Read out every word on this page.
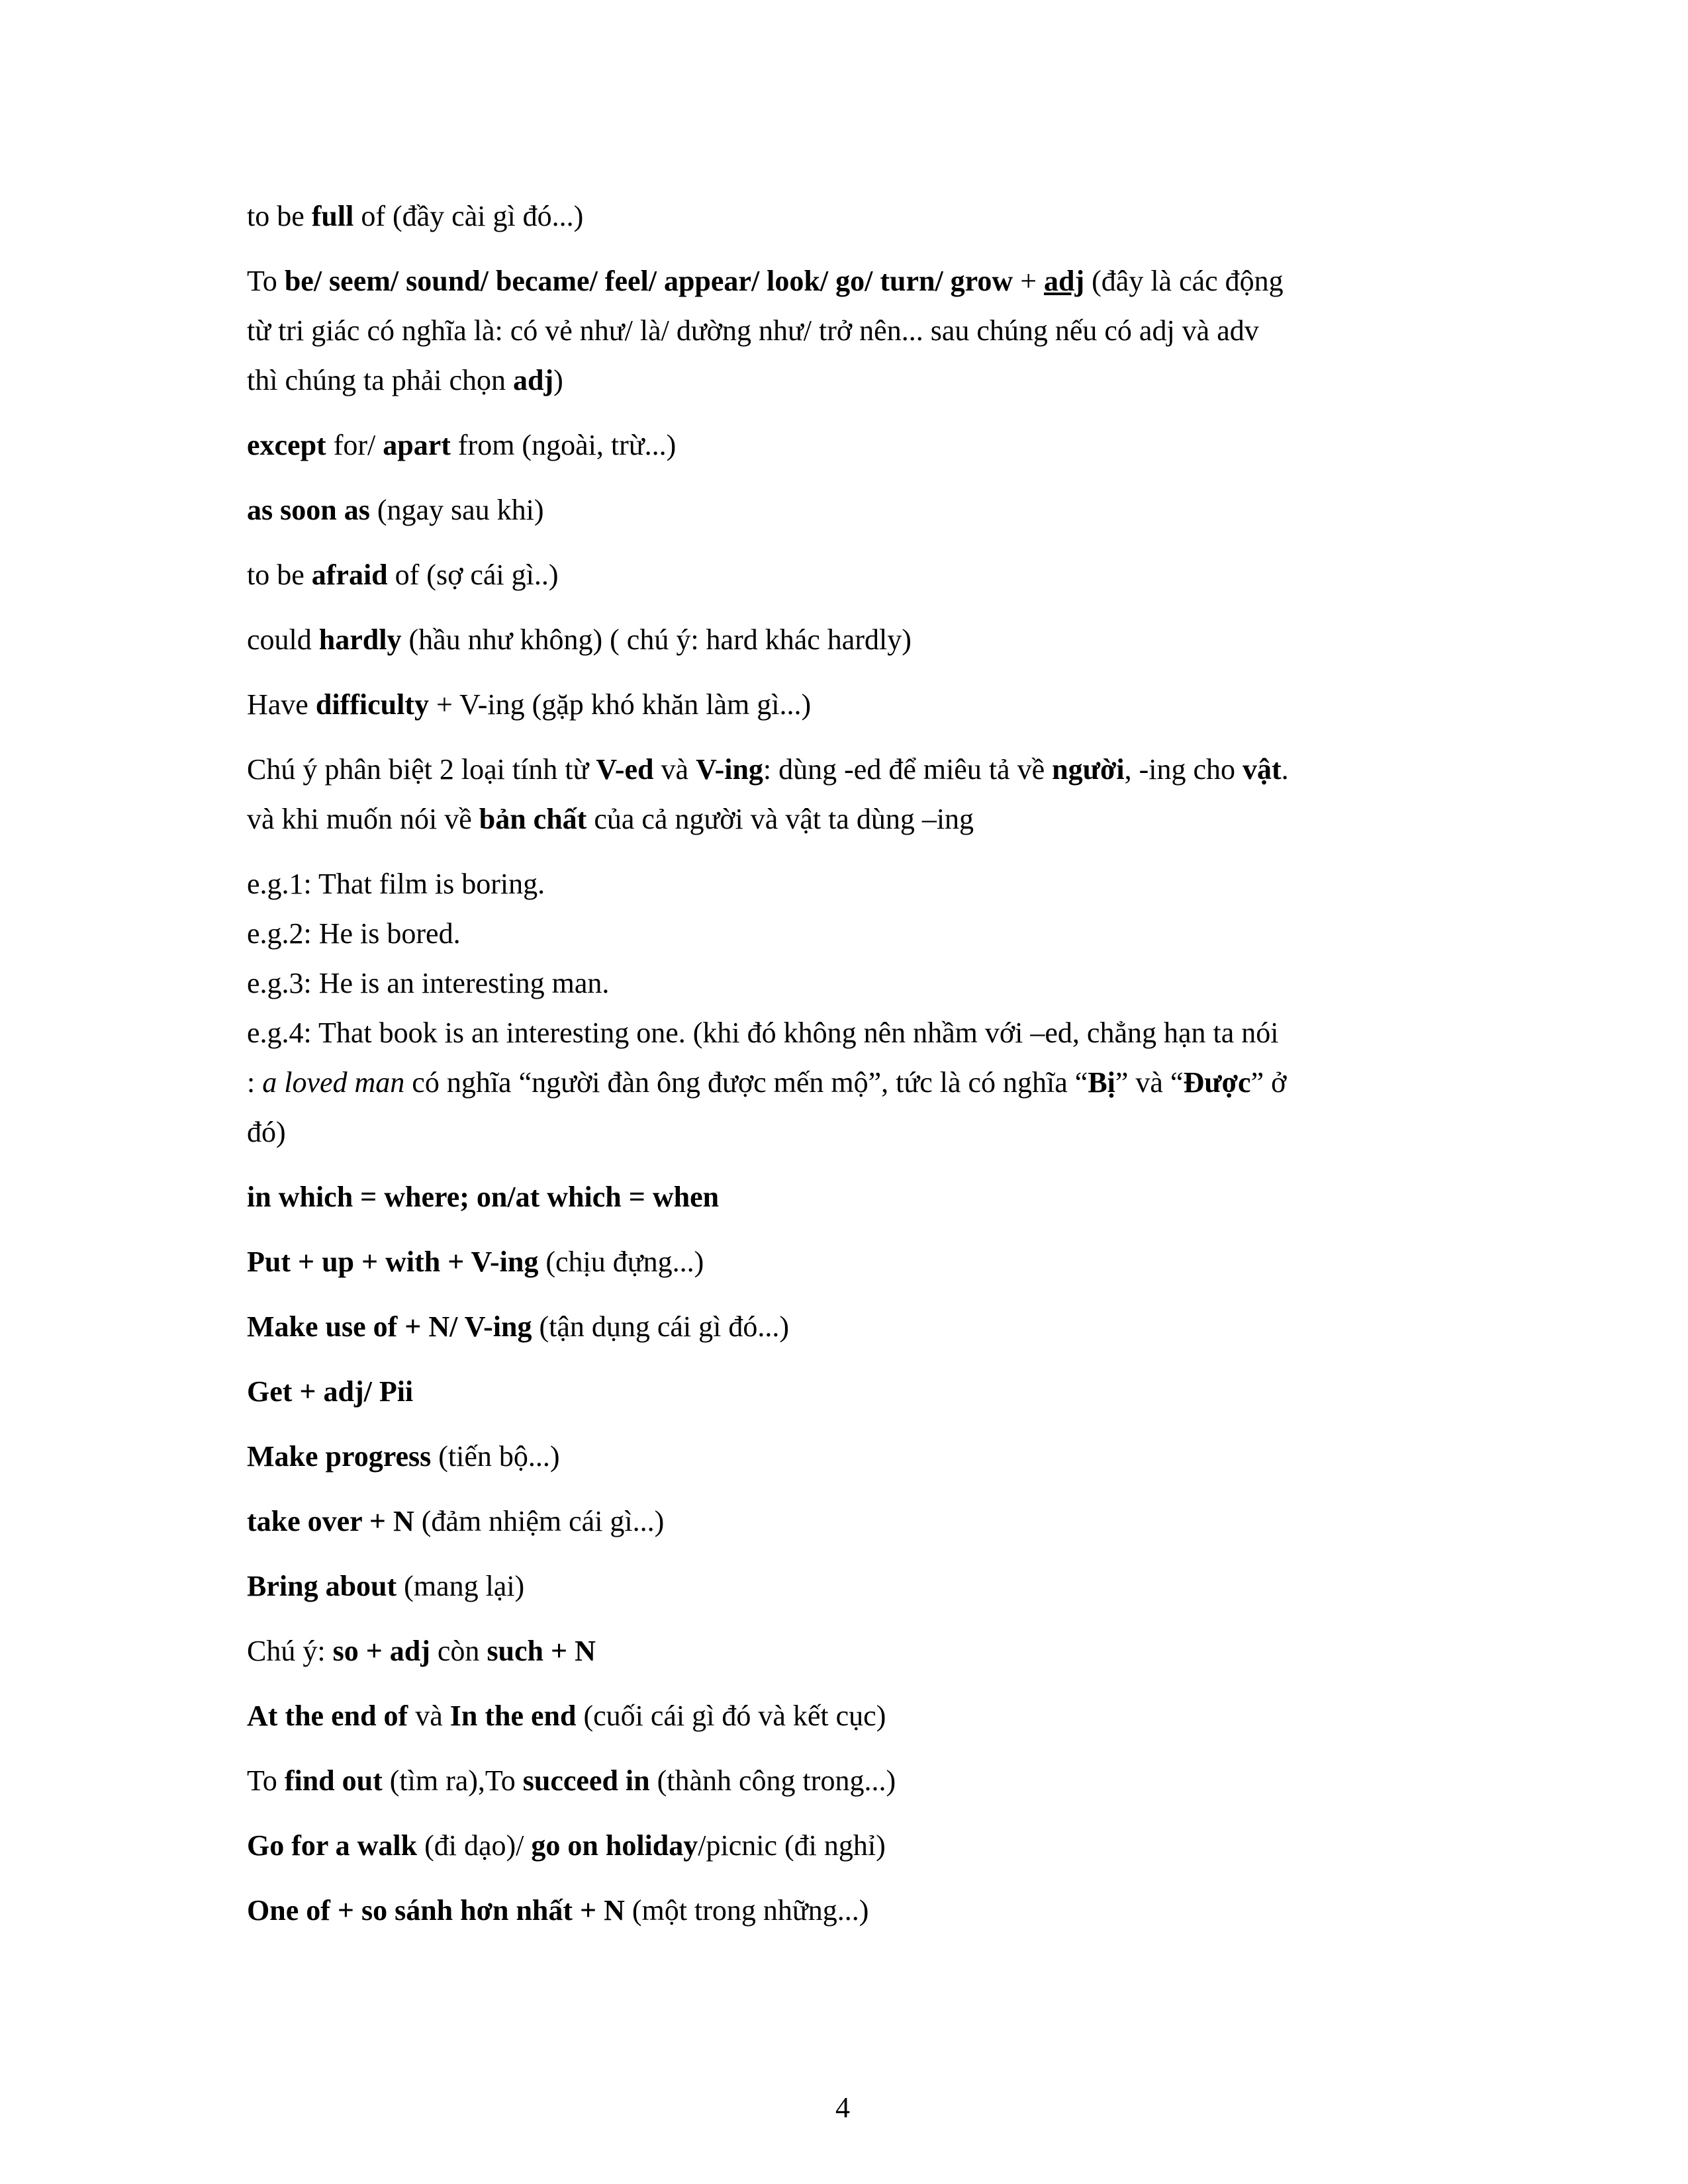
to be full of (đầy cài gì đó...)
To be/ seem/ sound/ became/ feel/ appear/ look/ go/ turn/ grow + adj (đây là các động
từ tri giác có nghĩa là: có vẻ như/ là/ dường như/ trở nên... sau chúng nếu có adj và adv
thì chúng ta phải chọn adj)
except for/ apart from (ngoài, trừ...)
as soon as (ngay sau khi)
to be afraid of (sợ cái gì..)
could hardly (hầu như không) ( chú ý: hard khác hardly)
Have difficulty + V-ing (gặp khó khăn làm gì...)
Chú ý phân biệt 2 loại tính từ V-ed và V-ing: dùng -ed để miêu tả về người, -ing cho vật.
và khi muốn nói về bản chất của cả người và vật ta dùng –ing
e.g.1: That film is boring.
e.g.2: He is bored.
e.g.3: He is an interesting man.
e.g.4: That book is an interesting one. (khi đó không nên nhầm với –ed, chẳng hạn ta nói
: a loved man có nghĩa “người đàn ông được mến mộ”, tức là có nghĩa “Bị” và “Được” ở
đó)
in which = where; on/at which = when
Put + up + with + V-ing (chịu đựng...)
Make use of + N/ V-ing (tận dụng cái gì đó...)
Get + adj/ Pii
Make progress (tiến bộ...)
take over + N (đảm nhiệm cái gì...)
Bring about (mang lại)
Chú ý: so + adj còn such + N
At the end of và In the end (cuối cái gì đó và kết cục)
To find out (tìm ra),To succeed in (thành công trong...)
Go for a walk (đi dạo)/ go on holiday/picnic (đi nghỉ)
One of + so sánh hơn nhất + N (một trong những...)
4
